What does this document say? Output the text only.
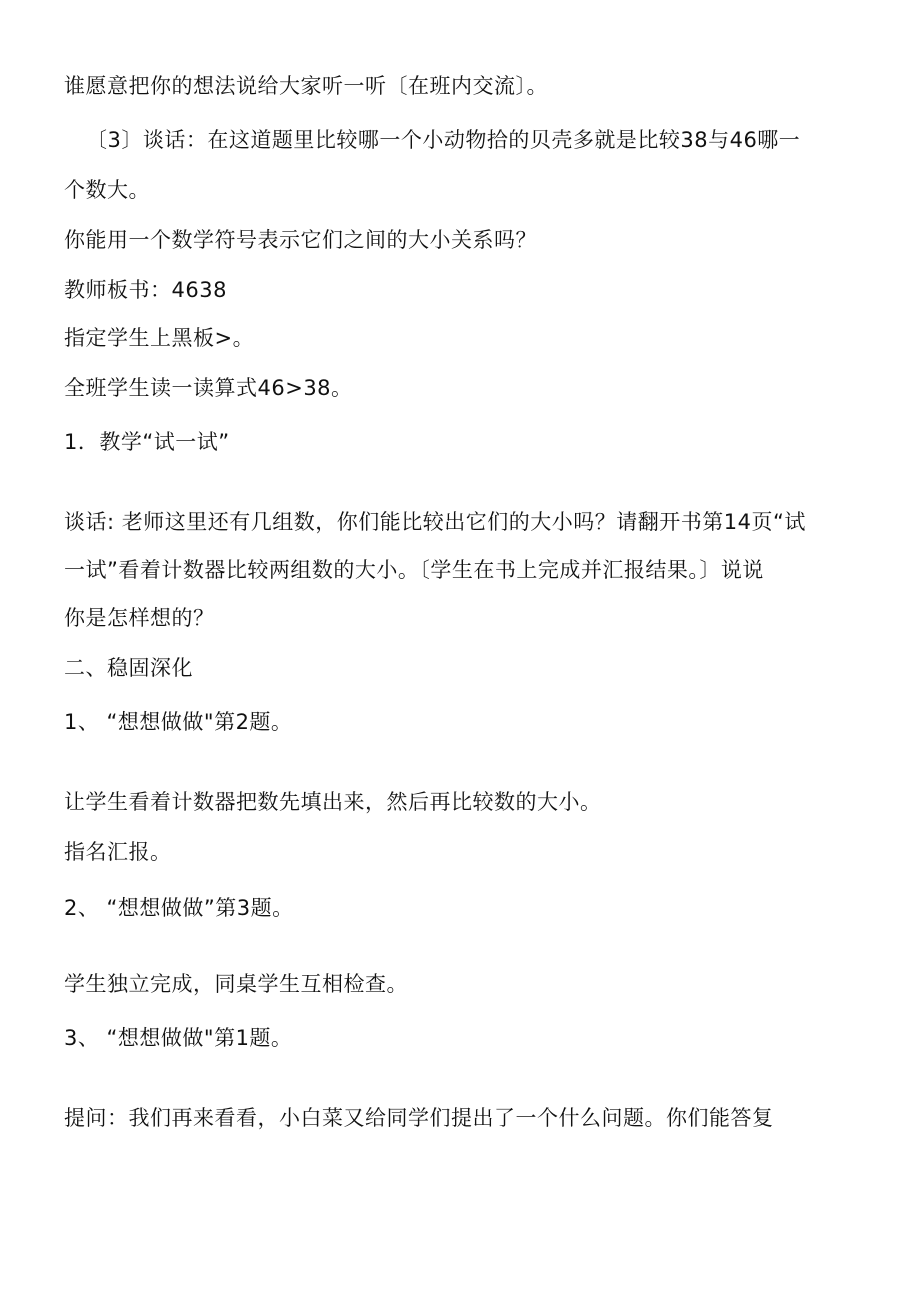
谁愿意把你的想法说给大家听一听〔在班内交流〕。
〔3〕谈话：在这道题里比较哪一个小动物拾的贝壳多就是比较38与46哪一
个数大。
你能用一个数学符号表示它们之间的大小关系吗？
教师板书：4638
指定学生上黑板>。
全班学生读一读算式46>38。
1．教学“试一试”
谈话: 老师这里还有几组数，你们能比较出它们的大小吗？请翻开书第14页“试
一试”看着计数器比较两组数的大小。〔学生在书上完成并汇报结果。〕说说
你是怎样想的？
二、稳固深化
1、 “想想做做"第2题。
让学生看着计数器把数先填出来，然后再比较数的大小。
指名汇报。
2、 “想想做做”第3题。
学生独立完成，同桌学生互相检查。
3、 “想想做做"第1题。
提问：我们再来看看，小白菜又给同学们提出了一个什么问题。你们能答复
